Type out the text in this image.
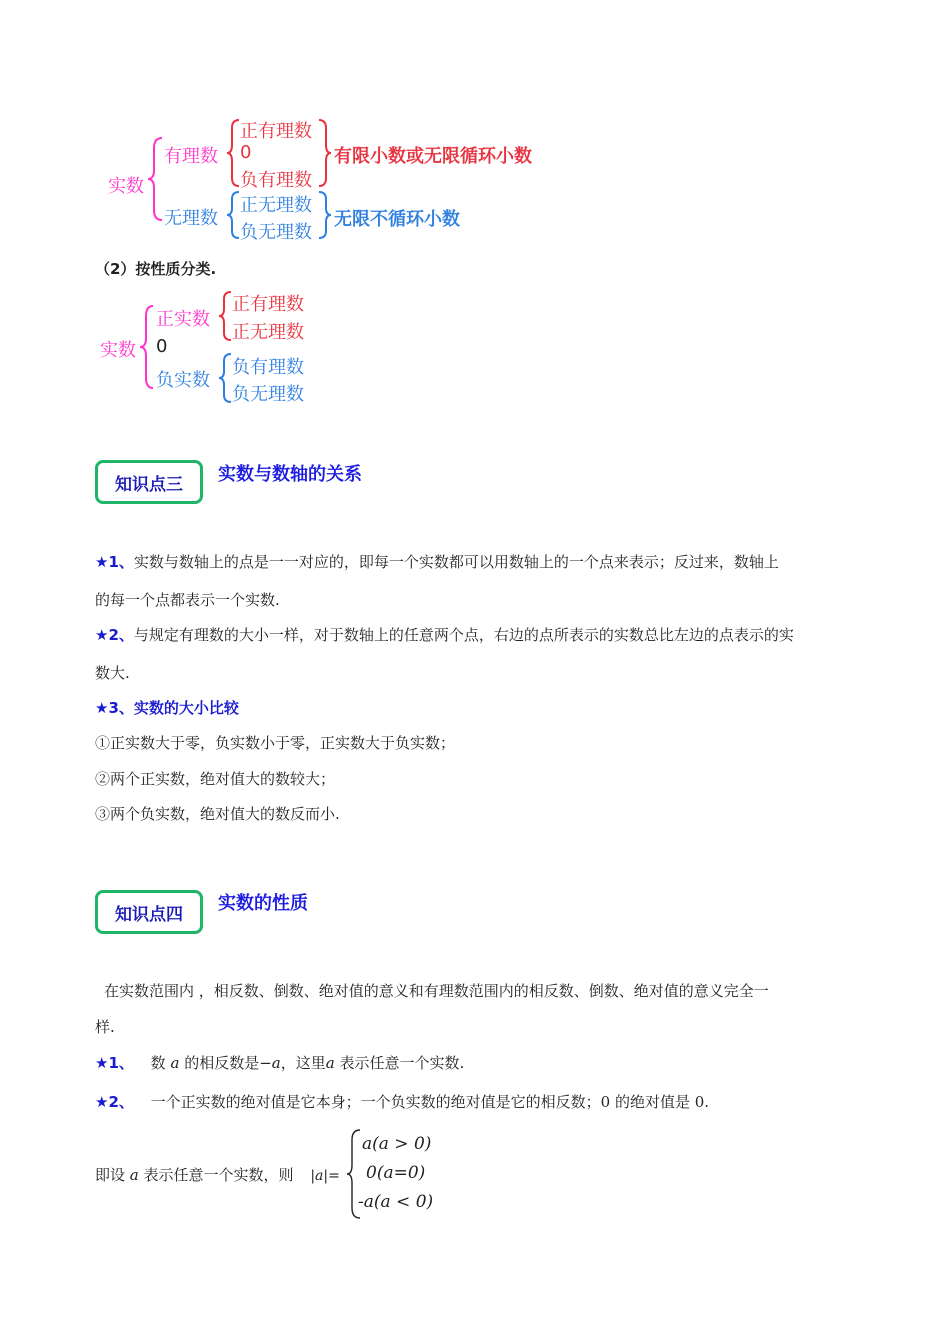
实数
有理数
正有理数
0
负有理数
有限小数或无限循环小数
无理数
正无理数
负无理数
无限不循环小数
（2）按性质分类.
实数
正实数
正有理数
正无理数
0
负实数
负有理数
负无理数
知识点三	实数与数轴的关系
★1、实数与数轴上的点是一一对应的，即每一个实数都可以用数轴上的一个点来表示；反过来，数轴上
的每一个点都表示一个实数.
★2、与规定有理数的大小一样，对于数轴上的任意两个点，右边的点所表示的实数总比左边的点表示的实
数大.
★3、实数的大小比较
①正实数大于零，负实数小于零，正实数大于负实数；
②两个正实数，绝对值大的数较大；
③两个负实数，绝对值大的数反而小.
知识点四
实数的性质
在实数范围内 ，相反数、倒数、绝对值的意义和有理数范围内的相反数、倒数、绝对值的意义完全一
样.
★1、 数 a 的相反数是−a，这里a 表示任意一个实数.
★2、 一个正实数的绝对值是它本身；一个负实数的绝对值是它的相反数；0 的绝对值是 0.
即设 a 表示任意一个实数，则 |a|=
a(a > 0)
0(a=0)
-a(a < 0)
